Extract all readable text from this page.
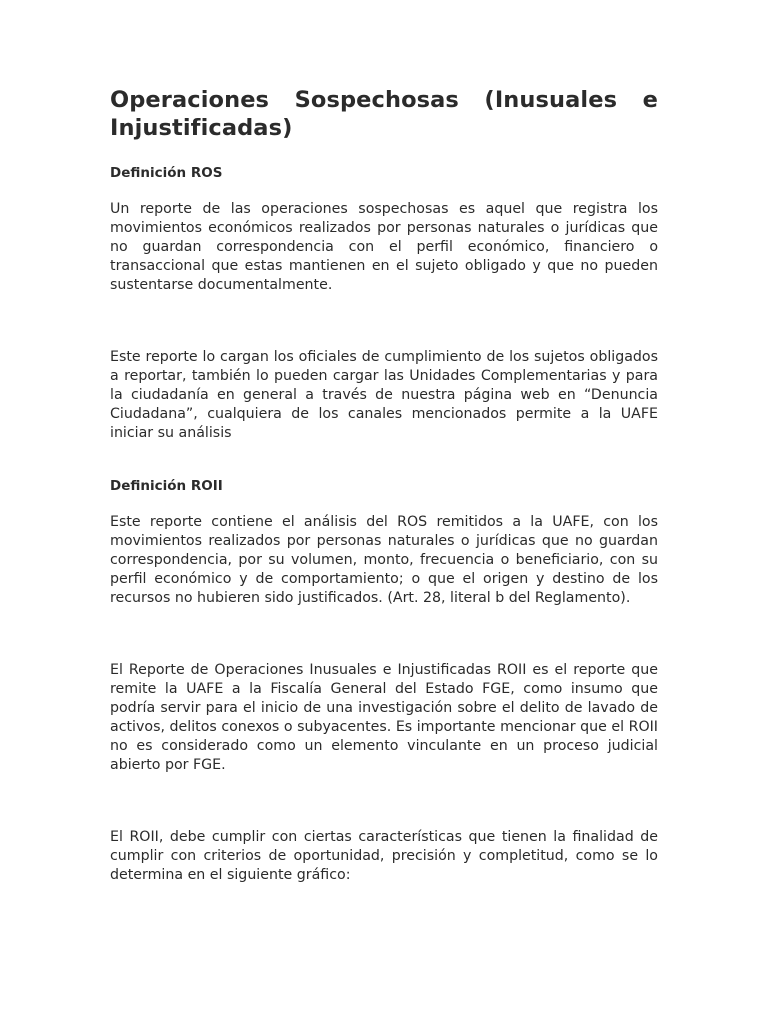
Operaciones Sospechosas (Inusuales e Injustificadas)
Definición ROS

Un reporte de las operaciones sospechosas es aquel que registra los movimientos económicos realizados por personas naturales o jurídicas que no guardan correspondencia con el perfil económico, financiero o transaccional que estas mantienen en el sujeto obligado y que no pueden sustentarse documentalmente.

Este reporte lo cargan los oficiales de cumplimiento de los sujetos obligados a reportar, también lo pueden cargar las Unidades Complementarias y para la ciudadanía en general a través de nuestra página web en “Denuncia Ciudadana”, cualquiera de los canales mencionados permite a la UAFE iniciar su análisis

Definición ROII

Este reporte contiene el análisis del ROS remitidos a la UAFE, con los movimientos realizados por personas naturales o jurídicas que no guardan correspondencia, por su volumen, monto, frecuencia o beneficiario, con su perfil económico y de comportamiento; o que el origen y destino de los recursos no hubieren sido justificados. (Art. 28, literal b del Reglamento).

El Reporte de Operaciones Inusuales e Injustificadas ROII es el reporte que remite la UAFE a la Fiscalía General del Estado FGE, como insumo que podría servir para el inicio de una investigación sobre el delito de lavado de activos, delitos conexos o subyacentes. Es importante mencionar que el ROII no es considerado como un elemento vinculante en un proceso judicial abierto por FGE.

El ROII, debe cumplir con ciertas características que tienen la finalidad de cumplir con criterios de oportunidad, precisión y completitud, como se lo determina en el siguiente gráfico:
